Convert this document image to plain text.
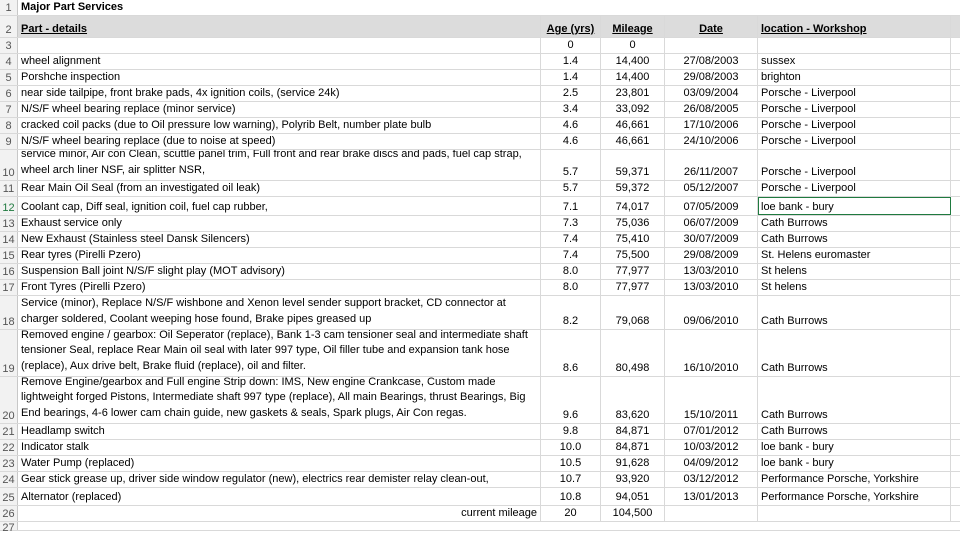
1 Major Part Services
2 Part - details	Age (yrs)	Mileage	Date	location - Workshop
3	0	0
4 wheel alignment	1.4	14,400	27/08/2003	sussex
5 Porshche inspection	1.4	14,400	29/08/2003	brighton
6 near side tailpipe, front brake pads, 4x ignition coils, (service 24k)	2.5	23,801	03/09/2004	Porsche - Liverpool
7 N/S/F wheel bearing replace (minor service)	3.4	33,092	26/08/2005	Porsche - Liverpool
8 cracked coil packs (due to Oil pressure low warning), Polyrib Belt, number plate bulb	4.6	46,661	17/10/2006	Porsche - Liverpool
9 N/S/F wheel bearing replace (due to noise at speed)	4.6	46,661	24/10/2006	Porsche - Liverpool
10
service minor, Air con Clean, scuttle panel trim, Full front and rear brake discs and pads, fuel cap strap, wheel arch liner NSF, air splitter NSR,	5.7	59,371	26/11/2007	Porsche - Liverpool
11 Rear Main Oil Seal (from an investigated oil leak)	5.7	59,372	05/12/2007	Porsche - Liverpool
12 Coolant cap, Diff seal, ignition coil, fuel cap rubber,	7.1	74,017	07/05/2009	loe bank - bury
13 Exhaust service only	7.3	75,036	06/07/2009	Cath Burrows
14 New Exhaust (Stainless steel Dansk Silencers)	7.4	75,410	30/07/2009	Cath Burrows
15 Rear tyres (Pirelli Pzero)	7.4	75,500	29/08/2009	St. Helens euromaster
16 Suspension Ball joint N/S/F slight play (MOT advisory)	8.0	77,977	13/03/2010	St helens
17 Front Tyres (Pirelli Pzero)	8.0	77,977	13/03/2010	St helens
18
Service (minor), Replace N/S/F wishbone and Xenon level sender support bracket, CD connector at charger soldered, Coolant weeping hose found, Brake pipes greased up	8.2	79,068	09/06/2010	Cath Burrows
19
Removed engine / gearbox: Oil Seperator (replace), Bank 1-3 cam tensioner seal and intermediate shaft tensioner Seal, replace Rear Main oil seal with later 997 type, Oil filler tube and expansion tank hose (replace), Aux drive belt, Brake fluid (replace), oil and filter.	8.6	80,498	16/10/2010	Cath Burrows
20
Remove Engine/gearbox and Full engine Strip down: IMS, New engine Crankcase, Custom made lightweight forged Pistons, Intermediate shaft 997 type (replace), All main Bearings, thrust Bearings, Big End bearings, 4-6 lower cam chain guide, new gaskets & seals, Spark plugs, Air Con regas.	9.6	83,620	15/10/2011	Cath Burrows
21 Headlamp switch	9.8	84,871	07/01/2012	Cath Burrows
22 Indicator stalk	10.0	84,871	10/03/2012	loe bank - bury
23 Water Pump (replaced)	10.5	91,628	04/09/2012	loe bank - bury
24 Gear stick grease up, driver side window regulator (new), electrics rear demister relay clean-out,	10.7	93,920	03/12/2012	Performance Porsche, Yorkshire
25 Alternator (replaced)	10.8	94,051	13/01/2013	Performance Porsche, Yorkshire
26	current mileage	20	104,500
27
